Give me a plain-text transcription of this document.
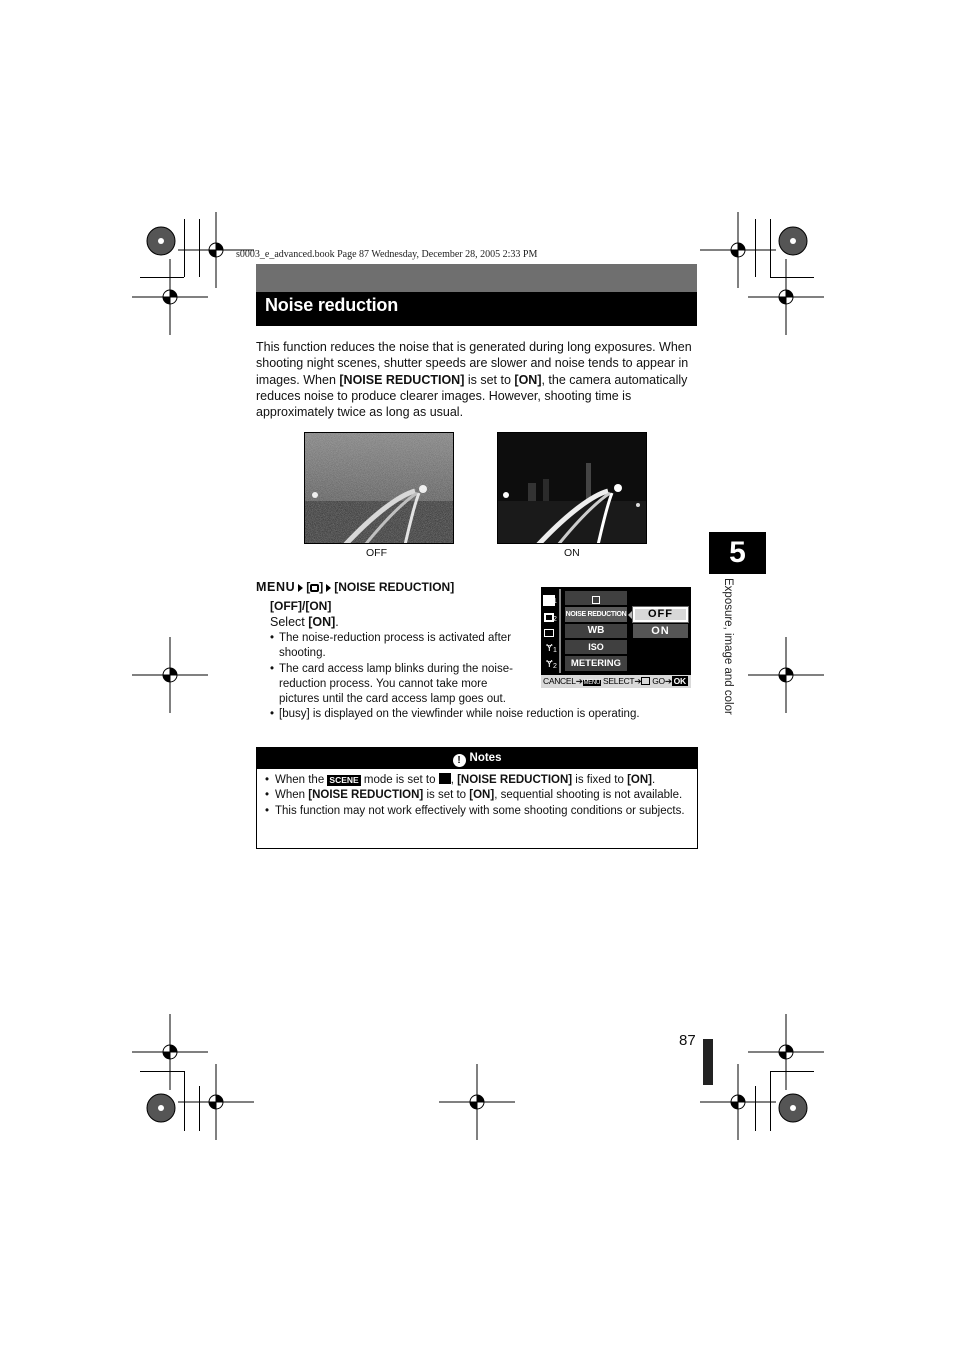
s0003_e_advanced.book Page 87 Wednesday, December 28, 2005 2:33 PM
Noise reduction

This function reduces the noise that is generated during long exposures. When shooting night scenes, shutter speeds are slower and noise tends to appear in images. When [NOISE REDUCTION] is set to [ON], the camera automatically reduces noise to produce clearer images. However, shooting time is approximately twice as long as usual.

OFF	ON	5
Exposure, image and color
MENU [ ] [NOISE REDUCTION]
[OFF]/[ON]
Select [ON].
• The noise-reduction process is activated after shooting.
• The card access lamp blinks during the noise-reduction process. You cannot take more pictures until the card access lamp goes out.
• [busy] is displayed on the viewfinder while noise reduction is operating.
1
2
Ɏ 1
Ɏ 2
NOISE REDUCTION
WB
ISO
METERING
OFF
ON
CANCEL➔MENU SELECT➔ GO➔ OK
! Notes
• When the SCENE mode is set to , [NOISE REDUCTION] is fixed to [ON].
• When [NOISE REDUCTION] is set to [ON], sequential shooting is not available.
• This function may not work effectively with some shooting conditions or subjects.
87
